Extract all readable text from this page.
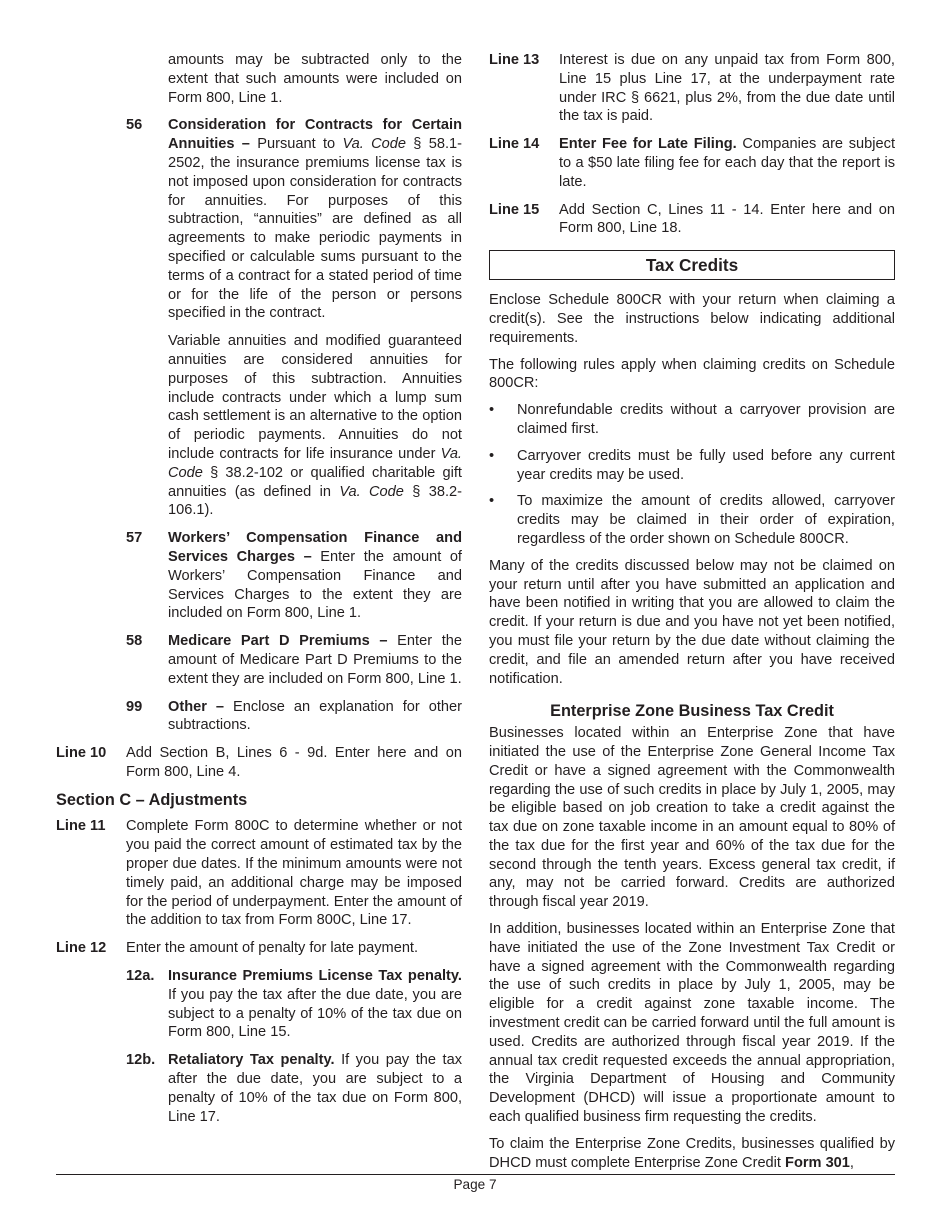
amounts may be subtracted only to the extent that such amounts were included on Form 800, Line 1.

56 Consideration for Contracts for Certain Annuities – Pursuant to Va. Code § 58.1-2502, the insurance premiums license tax is not imposed upon consideration for contracts for annuities. For purposes of this subtraction, “annuities” are defined as all agreements to make periodic payments in specified or calculable sums pursuant to the terms of a contract for a stated period of time or for the life of the person or persons specified in the contract.

Variable annuities and modified guaranteed annuities are considered annuities for purposes of this subtraction. Annuities include contracts under which a lump sum cash settlement is an alternative to the option of periodic payments. Annuities do not include contracts for life insurance under Va. Code § 38.2-102 or qualified charitable gift annuities (as defined in Va. Code § 38.2-106.1).

57 Workers’ Compensation Finance and Services Charges – Enter the amount of Workers’ Compensation Finance and Services Charges to the extent they are included on Form 800, Line 1.
58 Medicare Part D Premiums – Enter the amount of Medicare Part D Premiums to the extent they are included on Form 800, Line 1.
99 Other – Enclose an explanation for other subtractions.
Line 10 Add Section B, Lines 6 - 9d. Enter here and on Form 800, Line 4.
Section C – Adjustments
Line 11 Complete Form 800C to determine whether or not you paid the correct amount of estimated tax by the proper due dates. If the minimum amounts were not timely paid, an additional charge may be imposed for the period of underpayment. Enter the amount of the addition to tax from Form 800C, Line 17.
Line 12 Enter the amount of penalty for late payment.
12a. Insurance Premiums License Tax penalty. If you pay the tax after the due date, you are subject to a penalty of 10% of the tax due on Form 800, Line 15.
12b. Retaliatory Tax penalty. If you pay the tax after the due date, you are subject to a penalty of 10% of the tax due on Form 800, Line 17.
Line 13 Interest is due on any unpaid tax from Form 800, Line 15 plus Line 17, at the underpayment rate under IRC § 6621, plus 2%, from the due date until the tax is paid.
Line 14 Enter Fee for Late Filing. Companies are subject to a $50 late filing fee for each day that the report is late.
Line 15 Add Section C, Lines 11 - 14. Enter here and on Form 800, Line 18.
Tax Credits

Enclose Schedule 800CR with your return when claiming a credit(s). See the instructions below indicating additional requirements.

The following rules apply when claiming credits on Schedule 800CR:

• Nonrefundable credits without a carryover provision are claimed first.
• Carryover credits must be fully used before any current year credits may be used.
• To maximize the amount of credits allowed, carryover credits may be claimed in their order of expiration, regardless of the order shown on Schedule 800CR.

Many of the credits discussed below may not be claimed on your return until after you have submitted an application and have been notified in writing that you are allowed to claim the credit. If your return is due and you have not yet been notified, you must file your return by the due date without claiming the credit, and file an amended return after you have received notification.

Enterprise Zone Business Tax Credit

Businesses located within an Enterprise Zone that have initiated the use of the Enterprise Zone General Income Tax Credit or have a signed agreement with the Commonwealth regarding the use of such credits in place by July 1, 2005, may be eligible based on job creation to take a credit against the tax due on zone taxable income in an amount equal to 80% of the tax due for the first year and 60% of the tax due for the second through the tenth years. Excess general tax credit, if any, may not be carried forward. Credits are authorized through fiscal year 2019.

In addition, businesses located within an Enterprise Zone that have initiated the use of the Zone Investment Tax Credit or have a signed agreement with the Commonwealth regarding the use of such credits in place by July 1, 2005, may be eligible for a credit against zone taxable income. The investment credit can be carried forward until the full amount is used. Credits are authorized through fiscal year 2019. If the annual tax credit requested exceeds the annual appropriation, the Virginia Department of Housing and Community Development (DHCD) will issue a proportionate amount to each qualified business firm requesting the credits.

To claim the Enterprise Zone Credits, businesses qualified by DHCD must complete Enterprise Zone Credit Form 301,

Page 7
